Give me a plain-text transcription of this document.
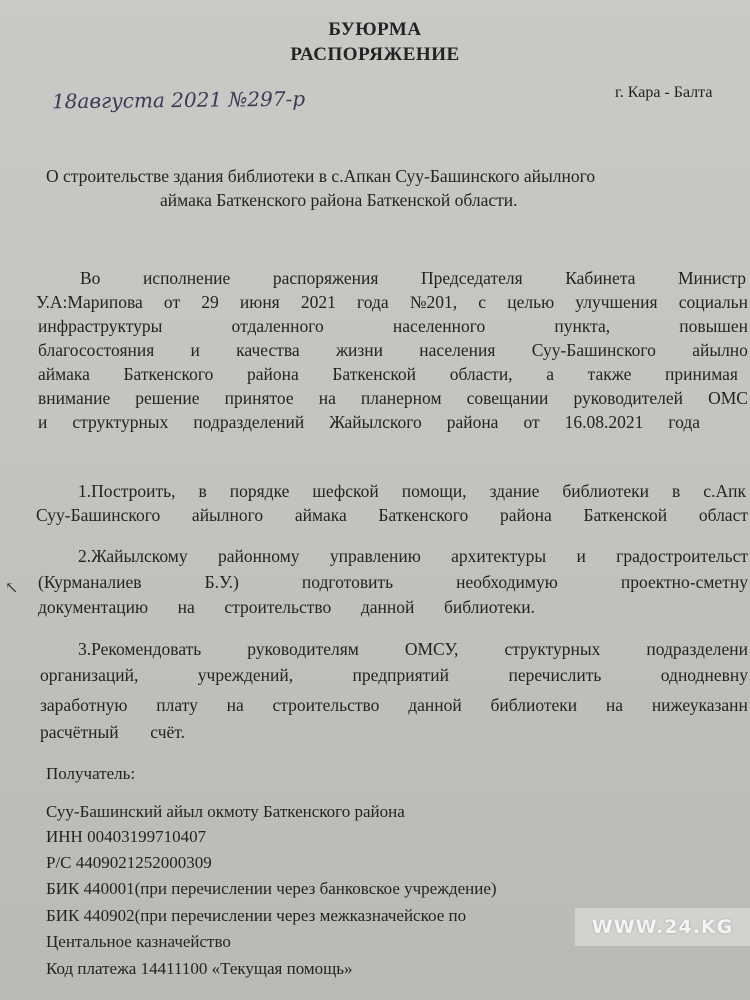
БУЮРМА
РАСПОРЯЖЕНИЕ
18августа 2021 №297-р	г. Кара - Балта
О строительстве здания библиотеки в с.Апкан Суу-Башинского айылного
аймака Баткенского района Баткенской области.
Во исполнение распоряжения Председателя Кабинета Министр
У.А:Марипова от 29 июня 2021 года №201, с целью улучшения социальн
инфраструктуры	отдаленного	населенного	пункта,	повышен
благосостояния и качества жизни населения Суу-Башинского айылно
аймака Баткенского района Баткенской области, а также принимая
внимание решение принятое на планерном совещании руководителей ОМС
и структурных подразделений Жайылского района от 16.08.2021 года
1.Построить, в порядке шефской помощи, здание библиотеки в с.Апк
Суу-Башинского айылного аймака Баткенского района Баткенской област
↖
2.Жайылскому районному управлению архитектуры и градостроительст
(Курманалиев	Б.У.)	подготовить	необходимую	проектно-сметну
документацию на строительство данной библиотеки.
3.Рекомендовать	руководителям	ОМСУ,	структурных	подразделени
организаций,	учреждений,	предприятий	перечислить	однодневну
заработную плату на строительство данной библиотеки на нижеуказанн
расчётный счёт.
Получатель:
Суу-Башинский айыл окмоту Баткенского района
ИНН 00403199710407
Р/С 4409021252000309
БИК 440001(при перечислении через банковское учреждение)
БИК 440902(при перечислении через межказначейское по
Центальное казначейство
Код платежа 14411100 «Текущая помощь»
WWW.24.KG
